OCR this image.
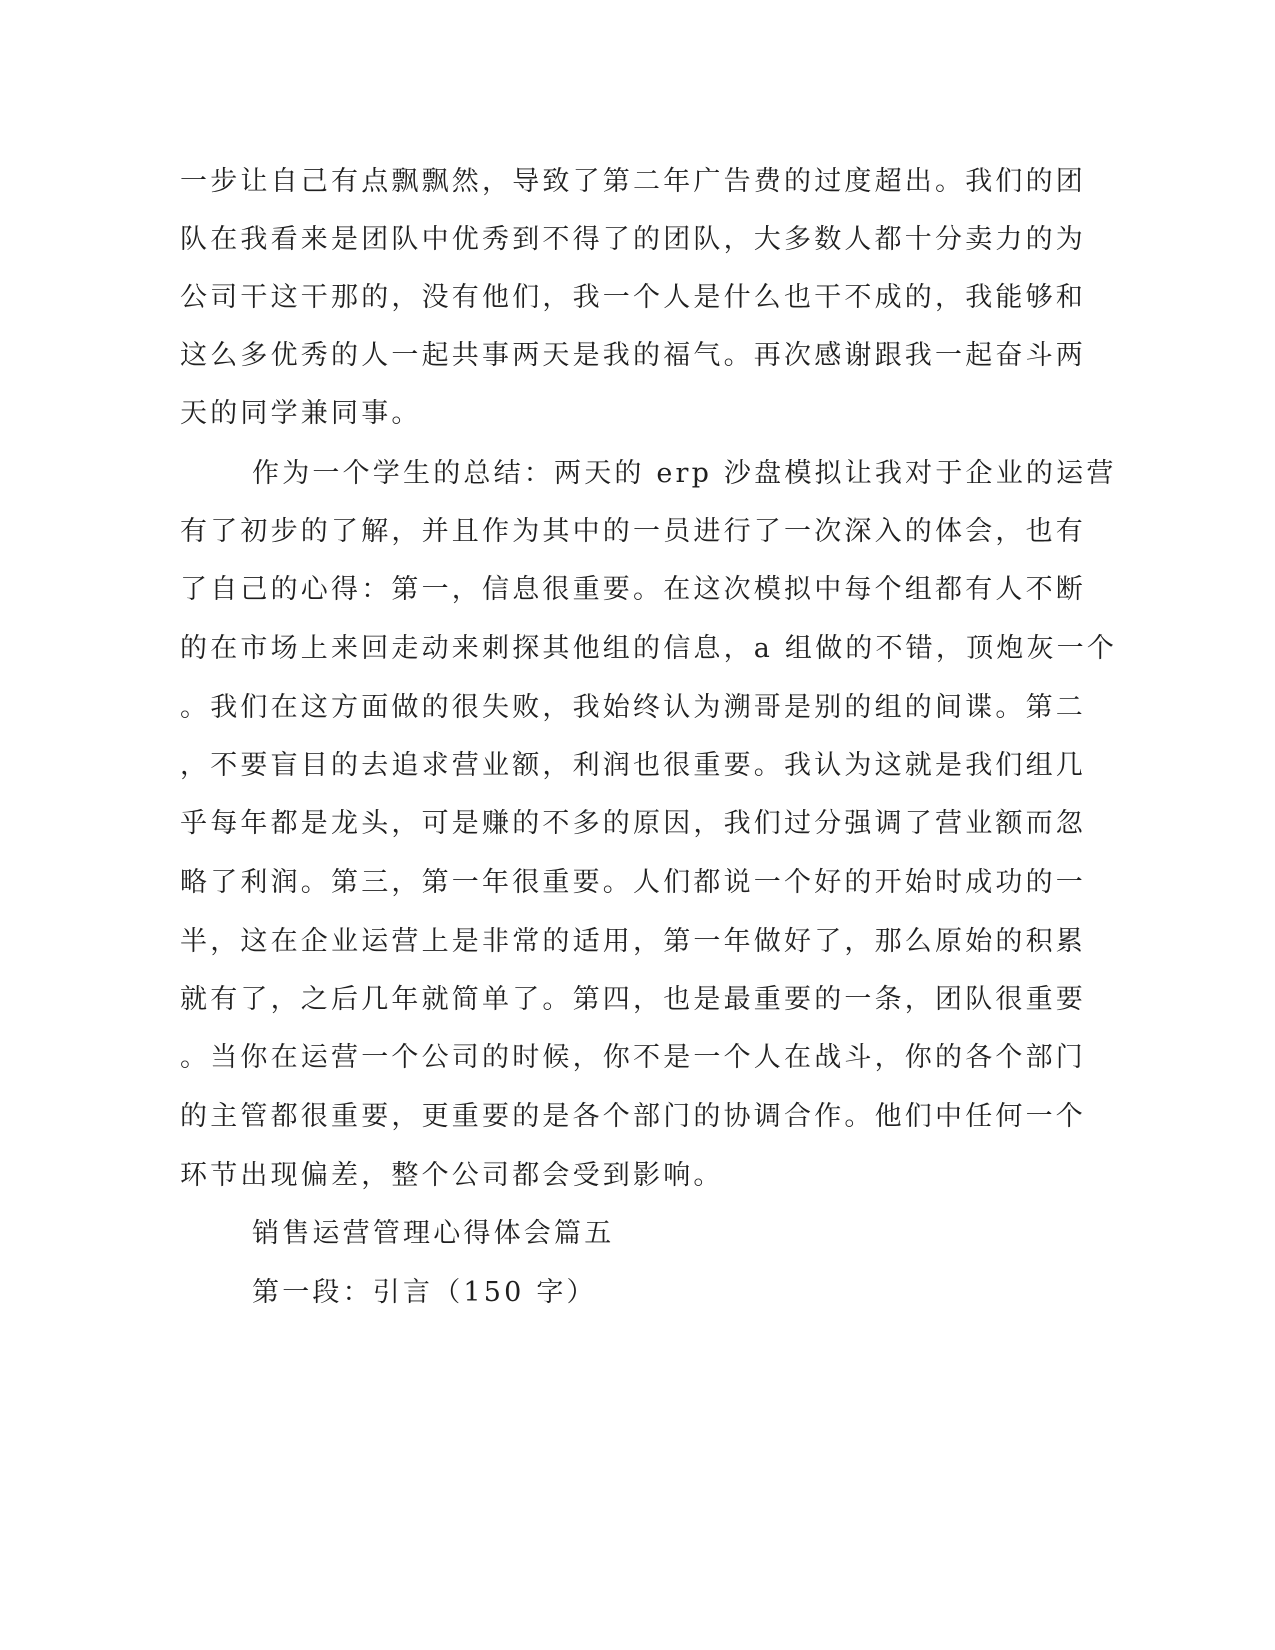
一步让自己有点飘飘然，导致了第二年广告费的过度超出。我们的团
队在我看来是团队中优秀到不得了的团队，大多数人都十分卖力的为
公司干这干那的，没有他们，我一个人是什么也干不成的，我能够和
这么多优秀的人一起共事两天是我的福气。再次感谢跟我一起奋斗两
天的同学兼同事。
作为一个学生的总结：两天的 erp 沙盘模拟让我对于企业的运营
有了初步的了解，并且作为其中的一员进行了一次深入的体会，也有
了自己的心得：第一，信息很重要。在这次模拟中每个组都有人不断
的在市场上来回走动来刺探其他组的信息，a 组做的不错，顶炮灰一个
。我们在这方面做的很失败，我始终认为溯哥是别的组的间谍。第二
，不要盲目的去追求营业额，利润也很重要。我认为这就是我们组几
乎每年都是龙头，可是赚的不多的原因，我们过分强调了营业额而忽
略了利润。第三，第一年很重要。人们都说一个好的开始时成功的一
半，这在企业运营上是非常的适用，第一年做好了，那么原始的积累
就有了，之后几年就简单了。第四，也是最重要的一条，团队很重要
。当你在运营一个公司的时候，你不是一个人在战斗，你的各个部门
的主管都很重要，更重要的是各个部门的协调合作。他们中任何一个
环节出现偏差，整个公司都会受到影响。
销售运营管理心得体会篇五
第一段：引言（150 字）
